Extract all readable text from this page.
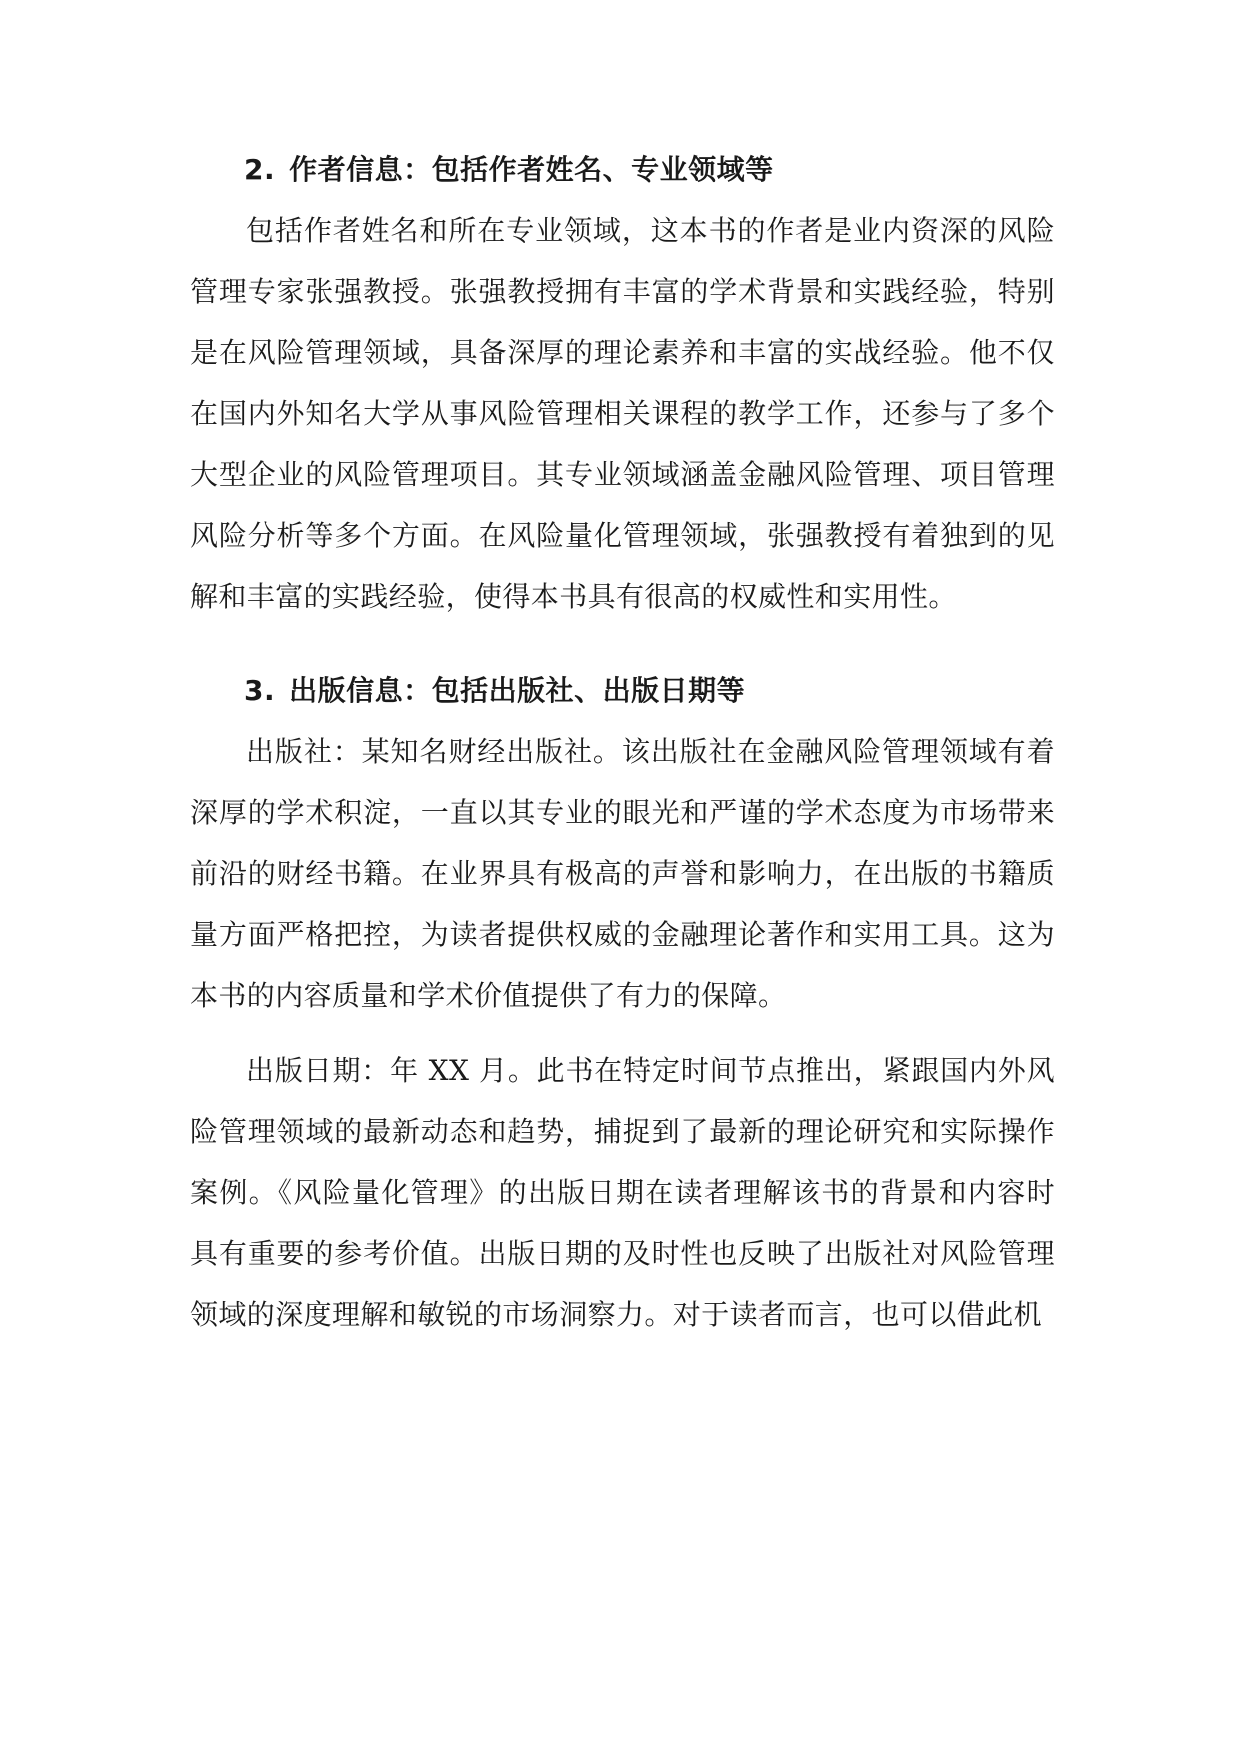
2. 作者信息：包括作者姓名、专业领域等

包括作者姓名和所在专业领域，这本书的作者是业内资深的风险管理专家张强教授。张强教授拥有丰富的学术背景和实践经验，特别是在风险管理领域，具备深厚的理论素养和丰富的实战经验。他不仅在国内外知名大学从事风险管理相关课程的教学工作，还参与了多个大型企业的风险管理项目。其专业领域涵盖金融风险管理、项目管理风险分析等多个方面。在风险量化管理领域，张强教授有着独到的见解和丰富的实践经验，使得本书具有很高的权威性和实用性。

3. 出版信息：包括出版社、出版日期等

出版社：某知名财经出版社。该出版社在金融风险管理领域有着深厚的学术积淀，一直以其专业的眼光和严谨的学术态度为市场带来前沿的财经书籍。在业界具有极高的声誉和影响力，在出版的书籍质量方面严格把控，为读者提供权威的金融理论著作和实用工具。这为本书的内容质量和学术价值提供了有力的保障。

出版日期：年 XX 月。此书在特定时间节点推出，紧跟国内外风险管理领域的最新动态和趋势，捕捉到了最新的理论研究和实际操作案例。《风险量化管理》的出版日期在读者理解该书的背景和内容时具有重要的参考价值。出版日期的及时性也反映了出版社对风险管理领域的深度理解和敏锐的市场洞察力。对于读者而言，也可以借此机
